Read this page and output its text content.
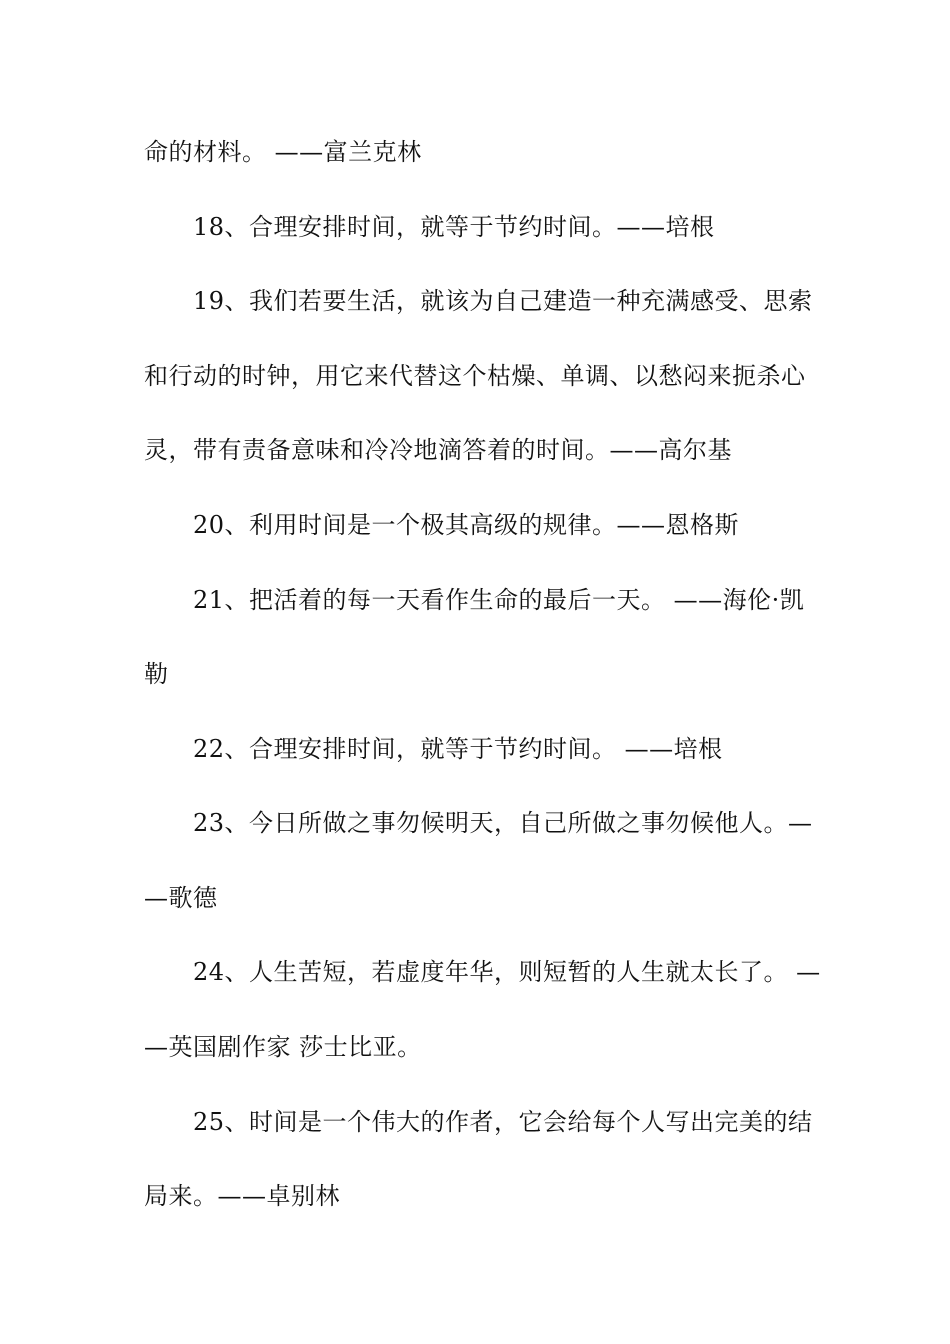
命的材料。 ——富兰克林
　　18、合理安排时间，就等于节约时间。——培根
　　19、我们若要生活，就该为自己建造一种充满感受、思索
和行动的时钟，用它来代替这个枯燥、单调、以愁闷来扼杀心
灵，带有责备意味和冷冷地滴答着的时间。——高尔基
　　20、利用时间是一个极其高级的规律。——恩格斯
　　21、把活着的每一天看作生命的最后一天。 ——海伦·凯
勒
　　22、合理安排时间，就等于节约时间。 ——培根
　　23、今日所做之事勿候明天，自己所做之事勿候他人。—
—歌德
　　24、人生苦短，若虚度年华，则短暂的人生就太长了。 —
—英国剧作家 莎士比亚。
　　25、时间是一个伟大的作者，它会给每个人写出完美的结
局来。——卓别林
